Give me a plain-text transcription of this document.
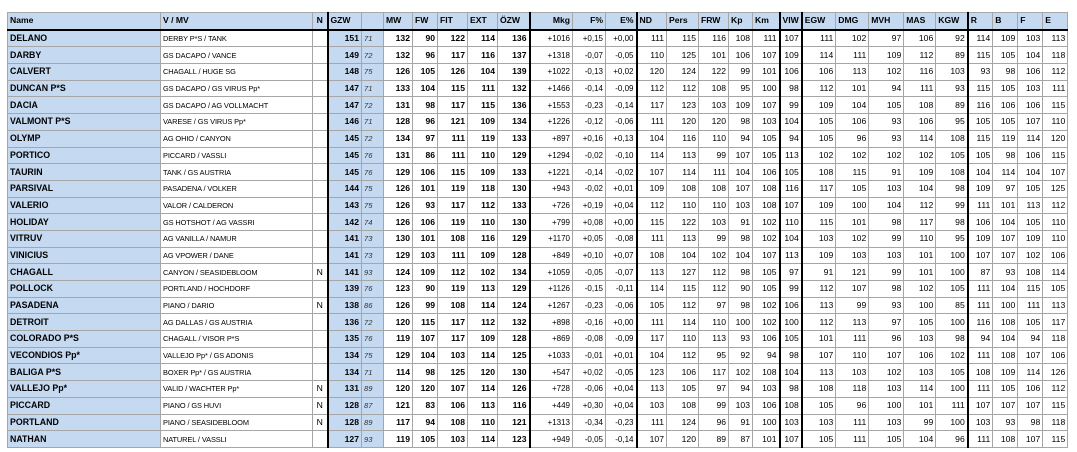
Name	V / MV	N	GZW		MW	FW	FIT	EXT	ÖZW	Mkg	F%	E%	ND	Pers	FRW	Kp	Km	VIW	EGW	DMG	MVH	MAS	KGW	R	B	F	E
DELANO	DERBY P*S / TANK		151	71	132	90	122	114	136	+1016	+0,15	+0,00	111	115	116	108	111	107	111	102	97	106	92	114	109	103	113
DARBY	GS DACAPO / VANCE		149	72	132	96	117	116	137	+1318	-0,07	-0,05	110	125	101	106	107	109	114	111	109	112	89	115	105	104	118
CALVERT	CHAGALL / HUGE SG		148	75	126	105	126	104	139	+1022	-0,13	+0,02	120	124	122	99	101	106	106	113	102	116	103	93	98	106	112
DUNCAN P*S	GS DACAPO / GS VIRUS Pp*		147	71	133	104	115	111	132	+1466	-0,14	-0,09	112	112	108	95	100	98	112	101	94	111	93	115	105	103	111
DACIA	GS DACAPO / AG VOLLMACHT		147	72	131	98	117	115	136	+1553	-0,23	-0,14	117	123	103	109	107	99	109	104	105	108	89	116	106	106	115
VALMONT P*S	VARESE / GS VIRUS Pp*		146	71	128	96	121	109	134	+1226	-0,12	-0,06	111	120	120	98	103	104	105	106	93	106	95	105	105	107	110
OLYMP	AG OHIO / CANYON		145	72	134	97	111	119	133	+897	+0,16	+0,13	104	116	110	94	105	94	105	96	93	114	108	115	119	114	120
PORTICO	PICCARD / VASSLI		145	76	131	86	111	110	129	+1294	-0,02	-0,10	114	113	99	107	105	113	102	102	102	102	105	105	98	106	115
TAURIN	TANK / GS AUSTRIA		145	76	129	106	115	109	133	+1221	-0,14	-0,02	107	114	111	104	106	105	108	115	91	109	108	104	114	104	107
PARSIVAL	PASADENA / VOLKER		144	75	126	101	119	118	130	+943	-0,02	+0,01	109	108	108	107	108	116	117	105	103	104	98	109	97	105	125
VALERIO	VALOR / CALDERON		143	75	126	93	117	112	133	+726	+0,19	+0,04	112	110	110	103	108	107	109	100	104	112	99	111	101	113	112
HOLIDAY	GS HOTSHOT / AG VASSRI		142	74	126	106	119	110	130	+799	+0,08	+0,00	115	122	103	91	102	110	115	101	98	117	98	106	104	105	110
VITRUV	AG VANILLA / NAMUR		141	73	130	101	108	116	129	+1170	+0,05	-0,08	111	113	99	98	102	104	103	102	99	110	95	109	107	109	110
VINICIUS	AG VPOWER / DANE		141	73	129	103	111	109	128	+849	+0,10	+0,07	108	104	102	104	107	113	109	103	103	101	100	107	107	102	106
CHAGALL	CANYON / SEASIDEBLOOM	N	141	93	124	109	112	102	134	+1059	-0,05	-0,07	113	127	112	98	105	97	91	121	99	101	100	87	93	108	114
POLLOCK	PORTLAND / HOCHDORF		139	76	123	90	119	113	129	+1126	-0,15	-0,11	114	115	112	90	105	99	112	107	98	102	105	111	104	115	105
PASADENA	PIANO / DARIO	N	138	86	126	99	108	114	124	+1267	-0,23	-0,06	105	112	97	98	102	106	113	99	93	100	85	111	100	111	113
DETROIT	AG DALLAS / GS AUSTRIA		136	72	120	115	117	112	132	+898	-0,16	+0,00	111	114	110	100	102	100	112	113	97	105	100	116	108	105	117
COLORADO P*S	CHAGALL / VISOR P*S		135	76	119	107	117	109	128	+869	-0,08	-0,09	117	110	113	93	106	105	101	111	96	103	98	94	104	94	118
VECONDIOS Pp*	VALLEJO Pp* / GS ADONIS		134	75	129	104	103	114	125	+1033	-0,01	+0,01	104	112	95	92	94	98	107	110	107	106	102	111	108	107	106
BALIGA P*S	BOXER Pp* / GS AUSTRIA		134	71	114	98	125	120	130	+547	+0,02	-0,05	123	106	117	102	108	104	113	103	102	103	105	108	109	114	126
VALLEJO Pp*	VALID / WACHTER Pp*	N	131	89	120	120	107	114	126	+728	-0,06	+0,04	113	105	97	94	103	98	108	118	103	114	100	111	105	106	112
PICCARD	PIANO / GS HUVI	N	128	87	121	83	106	113	116	+449	+0,30	+0,04	103	108	99	103	106	108	105	96	100	101	111	107	107	107	115
PORTLAND	PIANO / SEASIDEBLOOM	N	128	89	117	94	108	110	121	+1313	-0,34	-0,23	111	124	96	91	100	103	103	111	103	99	100	103	93	98	118
NATHAN	NATUREL / VASSLI		127	93	119	105	103	114	123	+949	-0,05	-0,14	107	120	89	87	101	107	105	111	105	104	96	111	108	107	115
